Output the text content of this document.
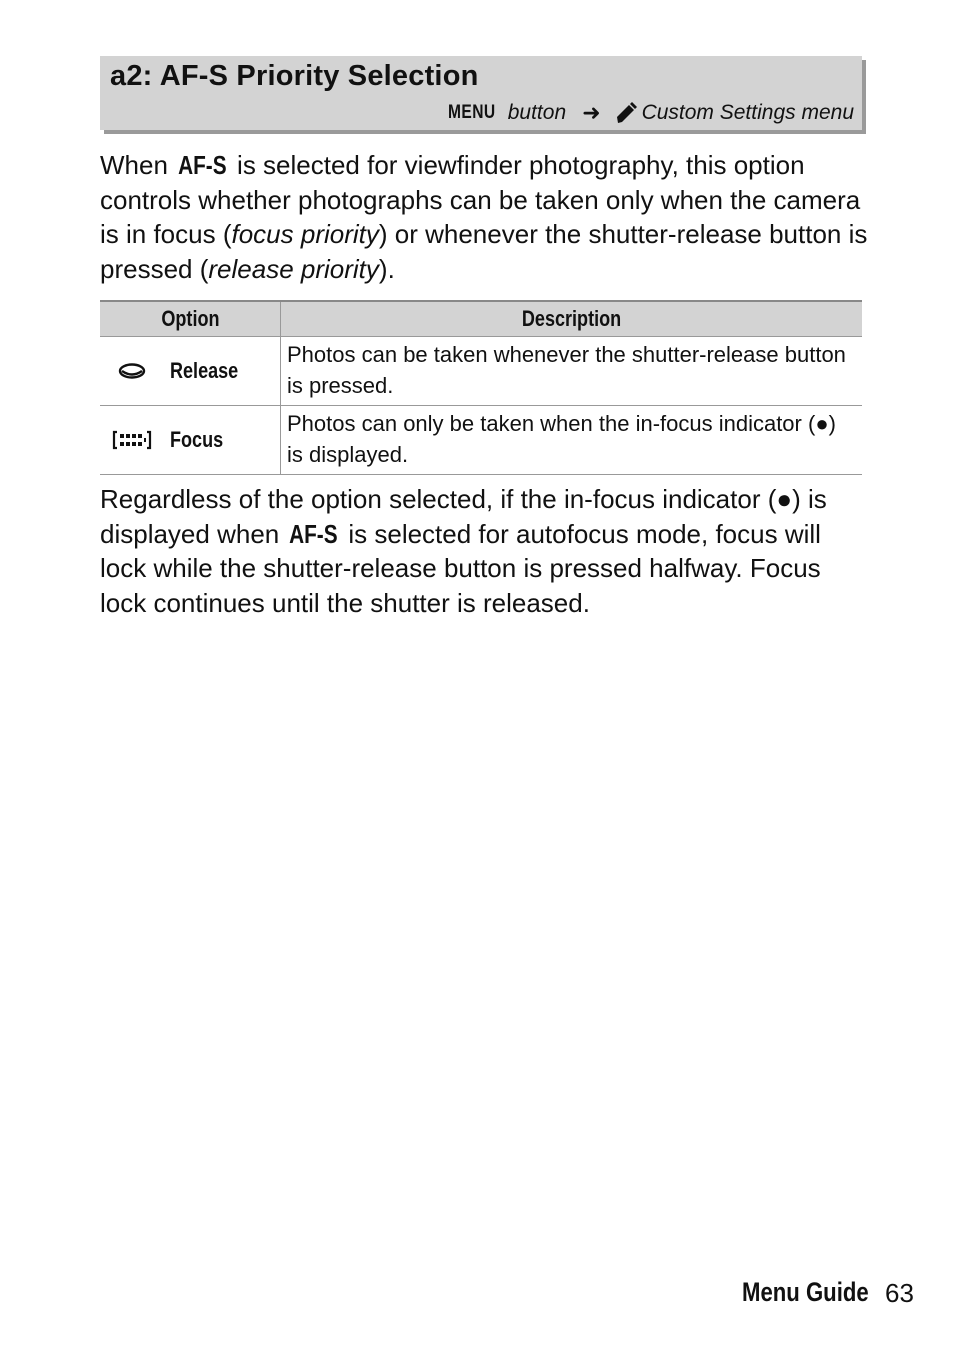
a2: AF-S Priority Selection
MENU button ➜ Custom Settings menu

When AF-S is selected for viewfinder photography, this option controls whether photographs can be taken only when the camera is in focus (focus priority) or whenever the shutter-release button is pressed (release priority).

Option	Description

Release	Photos can be taken whenever the shutter-release button is pressed.

Focus	Photos can only be taken when the in-focus indicator (●) is displayed.

Regardless of the option selected, if the in-focus indicator (●) is displayed when AF-S is selected for autofocus mode, focus will lock while the shutter-release button is pressed halfway. Focus lock continues until the shutter is released.

Menu Guide 63
